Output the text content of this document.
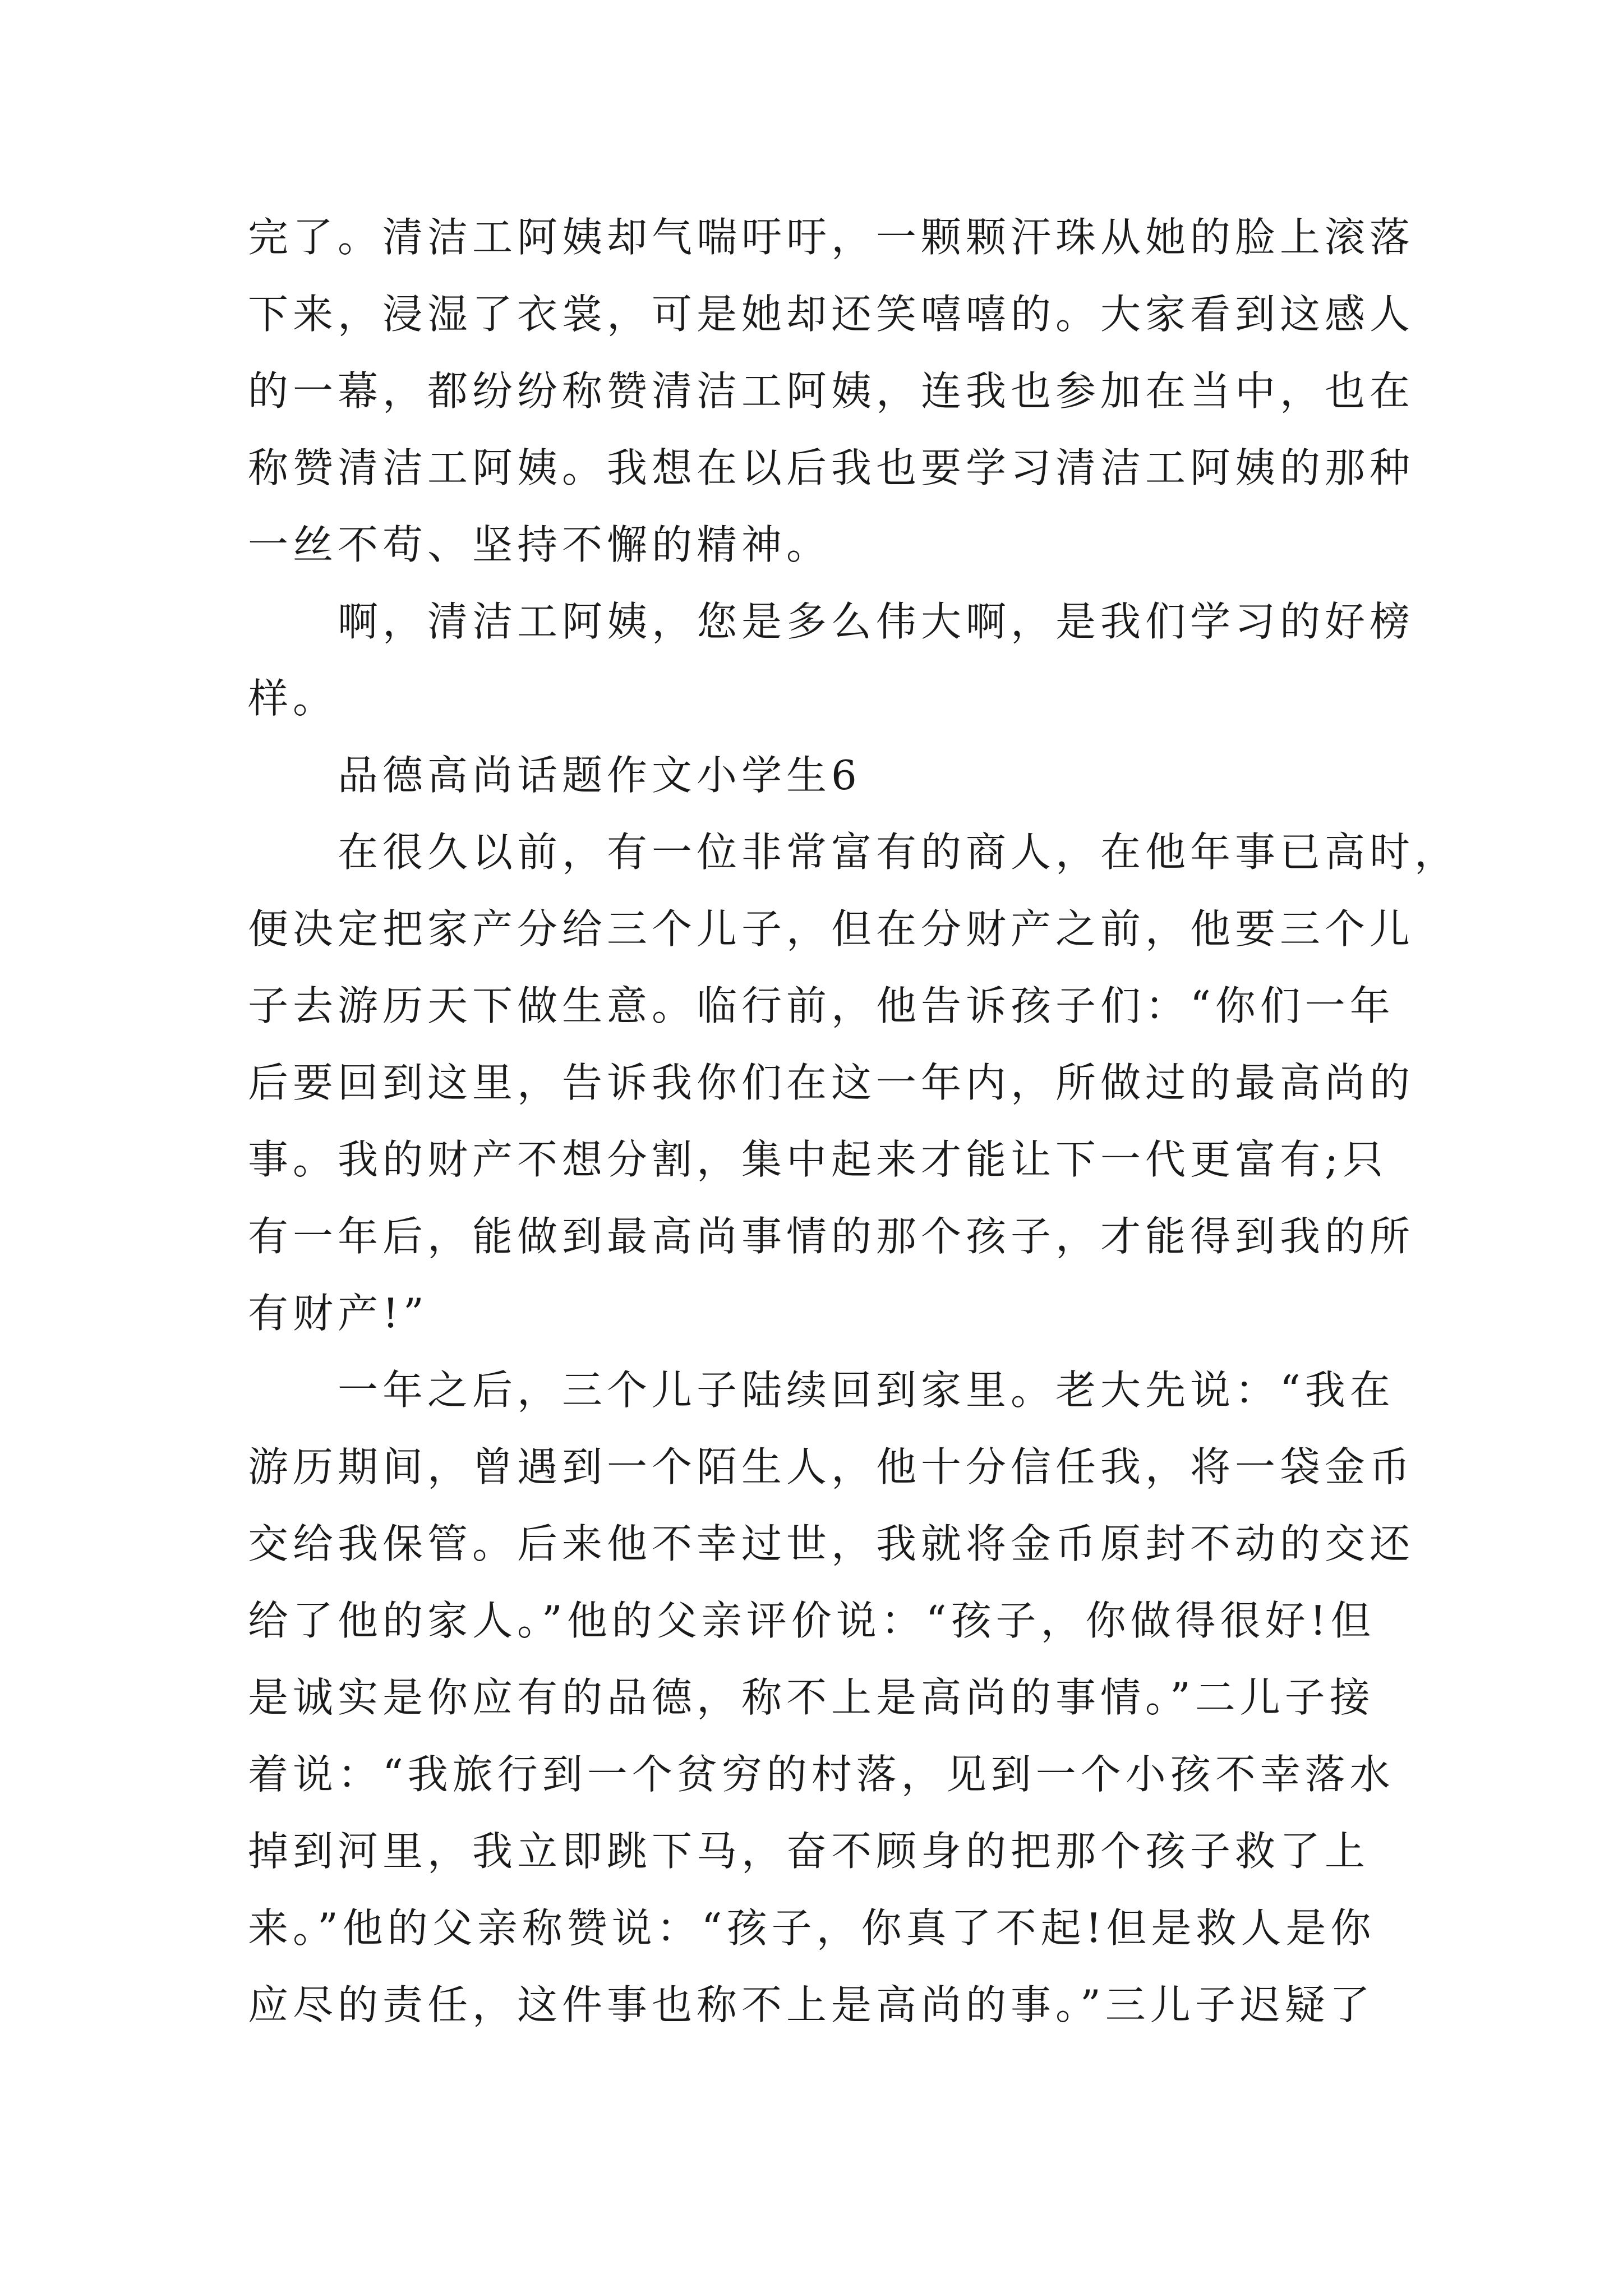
完了。清洁工阿姨却气喘吁吁，一颗颗汗珠从她的脸上滚落
下来，浸湿了衣裳，可是她却还笑嘻嘻的。大家看到这感人
的一幕，都纷纷称赞清洁工阿姨，连我也参加在当中，也在
称赞清洁工阿姨。我想在以后我也要学习清洁工阿姨的那种
一丝不苟、坚持不懈的精神。
　　啊，清洁工阿姨，您是多么伟大啊，是我们学习的好榜
样。
　　品德高尚话题作文小学生6
　　在很久以前，有一位非常富有的商人，在他年事已高时，
便决定把家产分给三个儿子，但在分财产之前，他要三个儿
子去游历天下做生意。临行前，他告诉孩子们：“你们一年
后要回到这里，告诉我你们在这一年内，所做过的最高尚的
事。我的财产不想分割，集中起来才能让下一代更富有;只
有一年后，能做到最高尚事情的那个孩子，才能得到我的所
有财产!”
　　一年之后，三个儿子陆续回到家里。老大先说：“我在
游历期间，曾遇到一个陌生人，他十分信任我，将一袋金币
交给我保管。后来他不幸过世，我就将金币原封不动的交还
给了他的家人。”他的父亲评价说：“孩子，你做得很好!但
是诚实是你应有的品德，称不上是高尚的事情。”二儿子接
着说：“我旅行到一个贫穷的村落，见到一个小孩不幸落水
掉到河里，我立即跳下马，奋不顾身的把那个孩子救了上
来。”他的父亲称赞说：“孩子，你真了不起!但是救人是你
应尽的责任，这件事也称不上是高尚的事。”三儿子迟疑了
